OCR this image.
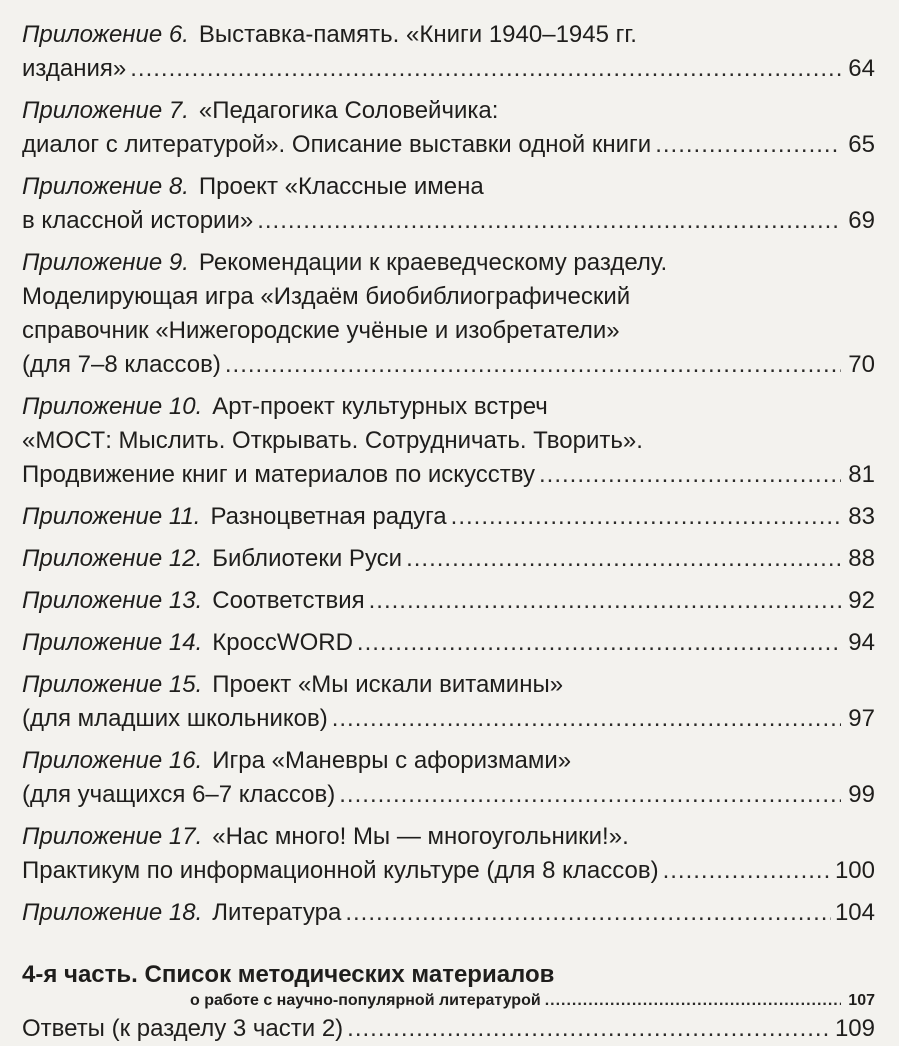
Приложение 6. Выставка-память. «Книги 1940–1945 гг.
издания» .....	64
Приложение 7. «Педагогика Соловейчика:
диалог с литературой». Описание выставки одной книги .....	65
Приложение 8. Проект «Классные имена
в классной истории» .....	69
Приложение 9. Рекомендации к краеведческому разделу.
Моделирующая игра «Издаём биобиблиографический
справочник «Нижегородские учёные и изобретатели»
(для 7–8 классов) .....	70
Приложение 10. Арт-проект культурных встреч
«МОСТ: Мыслить. Открывать. Сотрудничать. Творить».
Продвижение книг и материалов по искусству .....	81
Приложение 11. Разноцветная радуга .....	83
Приложение 12. Библиотеки Руси .....	88
Приложение 13. Соответствия .....	92
Приложение 14. КроссWORD .....	94
Приложение 15. Проект «Мы искали витамины»
(для младших школьников) .....	97
Приложение 16. Игра «Маневры с афоризмами»
(для учащихся 6–7 классов) .....	99
Приложение 17. «Нас много! Мы — многоугольники!».
Практикум по информационной культуре (для 8 классов) .....	100
Приложение 18. Литература .....	104
4-я часть. Список методических материалов
о работе с научно-популярной литературой .....	107
Ответы (к разделу 3 части 2) .....	109
